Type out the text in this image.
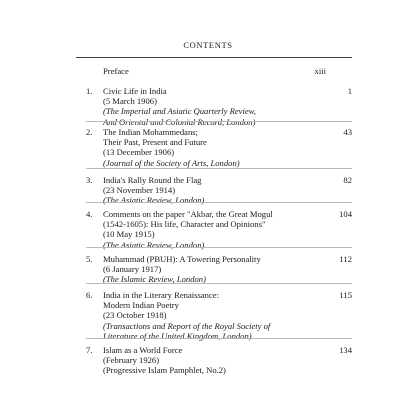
CONTENTS
Preface	xiii
1. Civic Life in India
(5 March 1906)
(The Imperial and Asiatic Quarterly Review,
And Oriental and Colonial Record, London)
1
2. The Indian Mohammedans;
Their Past, Present and Future
(13 December 1906)
(Journal of the Society of Arts, London)
43
3. India's Rally Round the Flag
(23 November 1914)
(The Asiatic Review, London)
82
4. Comments on the paper "Akbar, the Great Mogul
(1542-1605): His life, Character and Opinions"
(10 May 1915)
(The Asiatic Review, London)
104
5. Muhammad (PBUH): A Towering Personality
(6 January 1917)
(The Islamic Review, London)
112
6. India in the Literary Renaissance:
Modern Indian Poetry
(23 October 1918)
(Transactions and Report of the Royal Society of
Literature of the United Kingdom, London)
115
7. Islam as a World Force
(February 1926)
(Progressive Islam Pamphlet, No.2)
134
